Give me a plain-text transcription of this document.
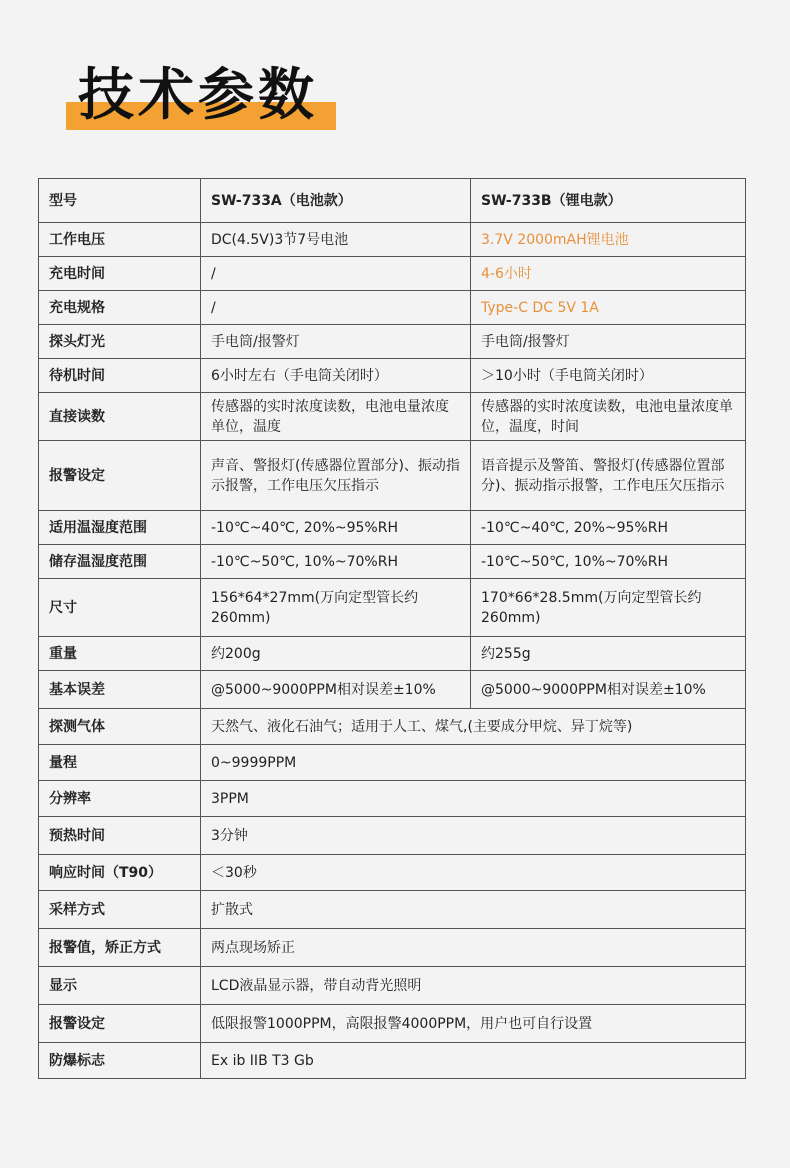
技术参数
型号	SW-733A（电池款）	SW-733B（锂电款）
工作电压	DC(4.5V)3节7号电池	3.7V 2000mAH锂电池
充电时间	/	4-6小时
充电规格	/	Type-C DC 5V 1A
探头灯光	手电筒/报警灯	手电筒/报警灯
待机时间	6小时左右（手电筒关闭时）	＞10小时（手电筒关闭时）
直接读数	传感器的实时浓度读数，电池电量浓度单位，温度	传感器的实时浓度读数，电池电量浓度单位，温度，时间
报警设定	声音、警报灯(传感器位置部分)、振动指示报警，工作电压欠压指示	语音提示及警笛、警报灯(传感器位置部分)、振动指示报警，工作电压欠压指示
适用温湿度范围	-10℃~40℃, 20%~95%RH	-10℃~40℃, 20%~95%RH
储存温湿度范围	-10℃~50℃, 10%~70%RH	-10℃~50℃, 10%~70%RH
尺寸	156*64*27mm(万向定型管长约260mm)	170*66*28.5mm(万向定型管长约260mm)
重量	约200g	约255g
基本误差	@5000~9000PPM相对误差±10%	@5000~9000PPM相对误差±10%
探测气体	天然气、液化石油气；适用于人工、煤气,(主要成分甲烷、异丁烷等)	
量程	0~9999PPM	
分辨率	3PPM	
预热时间	3分钟	
响应时间（T90）	＜30秒	
采样方式	扩散式	
报警值，矫正方式	两点现场矫正	
显示	LCD液晶显示器，带自动背光照明	
报警设定	低限报警1000PPM，高限报警4000PPM，用户也可自行设置	
防爆标志	Ex ib IIB T3 Gb	
